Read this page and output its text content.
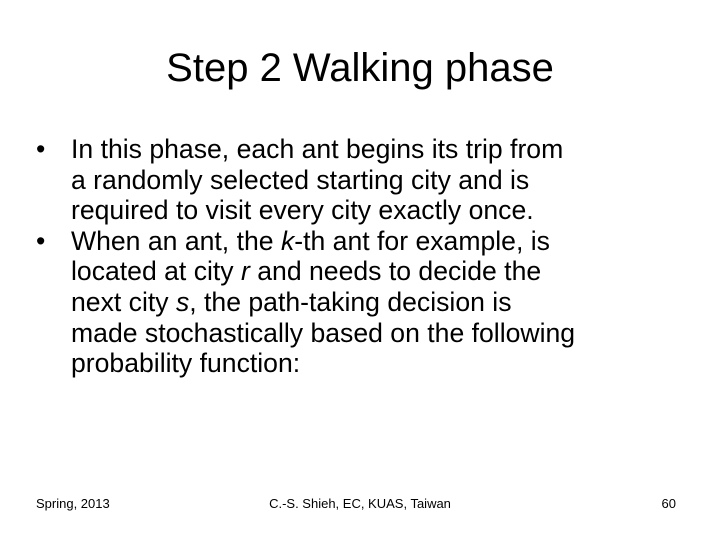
Step 2 Walking phase
• In this phase, each ant begins its trip from
a randomly selected starting city and is
required to visit every city exactly once.
• When an ant, the k-th ant for example, is
located at city r and needs to decide the
next city s, the path-taking decision is
made stochastically based on the following
probability function:
Spring, 2013	C.-S. Shieh, EC, KUAS, Taiwan	60
